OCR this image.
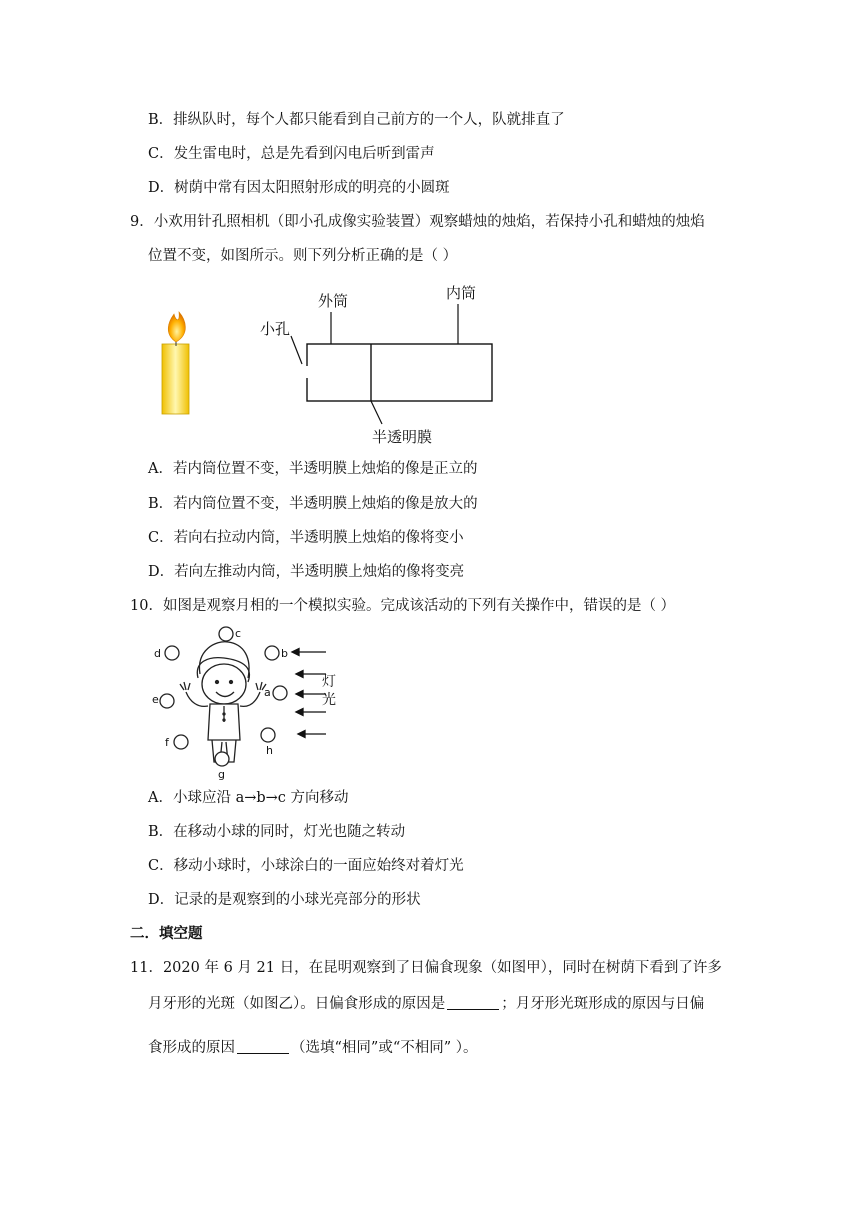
B．排纵队时，每个人都只能看到自己前方的一个人，队就排直了
C．发生雷电时，总是先看到闪电后听到雷声
D．树荫中常有因太阳照射形成的明亮的小圆斑
9．小欢用针孔照相机（即小孔成像实验装置）观察蜡烛的烛焰，若保持小孔和蜡烛的烛焰
位置不变，如图所示。则下列分析正确的是（ ）
外筒	内筒
小孔
半透明膜
A．若内筒位置不变，半透明膜上烛焰的像是正立的
B．若内筒位置不变，半透明膜上烛焰的像是放大的
C．若向右拉动内筒，半透明膜上烛焰的像将变小
D．若向左推动内筒，半透明膜上烛焰的像将变亮
10．如图是观察月相的一个模拟实验。完成该活动的下列有关操作中，错误的是（ ）
a
b
c
d
e
f
g
h
灯
光
A．小球应沿 a→b→c 方向移动
B．在移动小球的同时，灯光也随之转动
C．移动小球时，小球涂白的一面应始终对着灯光
D．记录的是观察到的小球光亮部分的形状
二．填空题
11．2020 年 6 月 21 日，在昆明观察到了日偏食现象（如图甲），同时在树荫下看到了许多
月牙形的光斑（如图乙）。日偏食形成的原因是	；月牙形光斑形成的原因与日偏
食形成的原因	（选填“相同”或“不相同” ）。
